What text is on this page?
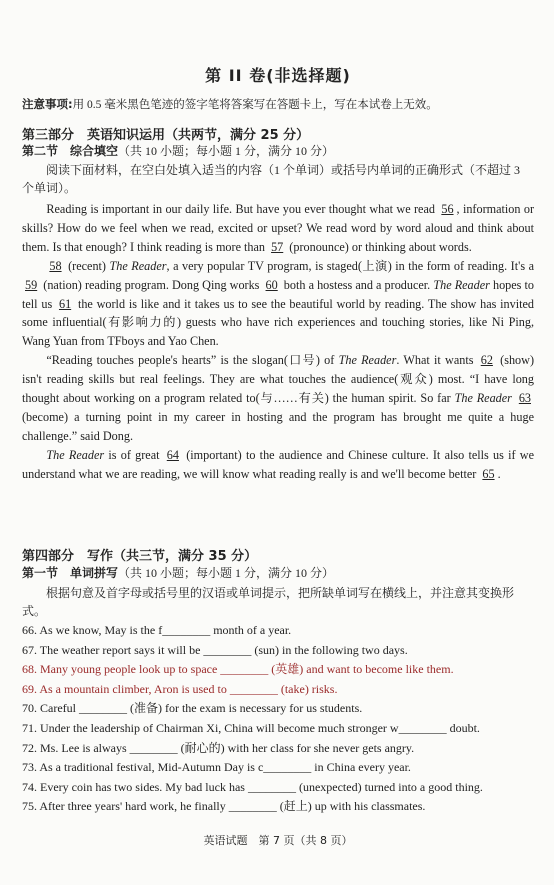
第 II 卷(非选择题)
注意事项:用 0.5 毫米黑色笔迹的签字笔将答案写在答题卡上，写在本试卷上无效。
第三部分　英语知识运用（共两节，满分 25 分）
第二节　综合填空（共 10 小题；每小题 1 分，满分 10 分）
阅读下面材料，在空白处填入适当的内容（1 个单词）或括号内单词的正确形式（不超过 3 个单词）。

Reading is important in our daily life. But have you ever thought what we read 56 , information or skills? How do we feel when we read, excited or upset? We read word by word aloud and think about them. Is that enough? I think reading is more than 57 (pronounce) or thinking about words.

58 (recent) The Reader, a very popular TV program, is staged(上演) in the form of reading. It's a 59 (nation) reading program. Dong Qing works 60 both a hostess and a producer. The Reader hopes to tell us 61 the world is like and it takes us to see the beautiful world by reading. The show has invited some influential(有影响力的) guests who have rich experiences and touching stories, like Ni Ping, Wang Yuan from TFboys and Yao Chen.

“Reading touches people's hearts” is the slogan(口号) of The Reader. What it wants 62 (show) isn't reading skills but real feelings. They are what touches the audience(观众) most. “I have long thought about working on a program related to(与……有关) the human spirit. So far The Reader 63 (become) a turning point in my career in hosting and the program has brought me quite a huge challenge.” said Dong.

The Reader is of great 64 (important) to the audience and Chinese culture. It also tells us if we understand what we are reading, we will know what reading really is and we'll become better 65 .

第四部分　写作（共三节，满分 35 分）
第一节　单词拼写（共 10 小题；每小题 1 分，满分 10 分）
根据句意及首字母或括号里的汉语或单词提示，把所缺单词写在横线上，并注意其变换形式。
66. As we know, May is the f________ month of a year.
67. The weather report says it will be ________ (sun) in the following two days.
68. Many young people look up to space ________ (英雄) and want to become like them.
69. As a mountain climber, Aron is used to ________ (take) risks.
70. Careful ________ (准备) for the exam is necessary for us students.
71. Under the leadership of Chairman Xi, China will become much stronger w________ doubt.
72. Ms. Lee is always ________ (耐心的) with her class for she never gets angry.
73. As a traditional festival, Mid-Autumn Day is c________ in China every year.
74. Every coin has two sides. My bad luck has ________ (unexpected) turned into a good thing.
75. After three years' hard work, he finally ________ (赶上) up with his classmates.
英语试题　第 7 页（共 8 页）
